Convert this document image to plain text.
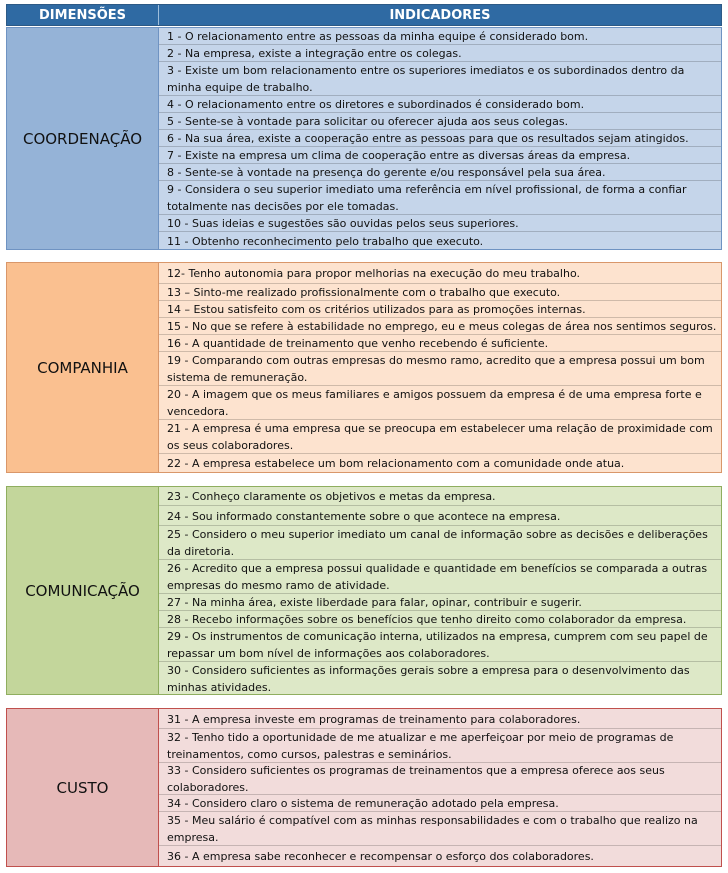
DIMENSÕES	INDICADORES
COORDENAÇÃO
1 - O relacionamento entre as pessoas da minha equipe é considerado bom.
2 - Na empresa, existe a integração entre os colegas.
3 - Existe um bom relacionamento entre os superiores imediatos e os subordinados dentro da minha equipe de trabalho.
4 - O relacionamento entre os diretores e subordinados é considerado bom.
5 - Sente-se à vontade para solicitar ou oferecer ajuda aos seus colegas.
6 - Na sua área, existe a cooperação entre as pessoas para que os resultados sejam atingidos.
7 - Existe na empresa um clima de cooperação entre as diversas áreas da empresa.
8 - Sente-se à vontade na presença do gerente e/ou responsável pela sua área.
9 - Considera o seu superior imediato uma referência em nível profissional, de forma a confiar totalmente nas decisões por ele tomadas.
10 - Suas ideias e sugestões são ouvidas pelos seus superiores.
11 - Obtenho reconhecimento pelo trabalho que executo.
COMPANHIA
12- Tenho autonomia para propor melhorias na execução do meu trabalho.
13 – Sinto-me realizado profissionalmente com o trabalho que executo.
14 – Estou satisfeito com os critérios utilizados para as promoções internas.
15 - No que se refere à estabilidade no emprego, eu e meus colegas de área nos sentimos seguros.
16 - A quantidade de treinamento que venho recebendo é suficiente.
19 - Comparando com outras empresas do mesmo ramo, acredito que a empresa possui um bom sistema de remuneração.
20 - A imagem que os meus familiares e amigos possuem da empresa é de uma empresa forte e vencedora.
21 - A empresa é uma empresa que se preocupa em estabelecer uma relação de proximidade com os seus colaboradores.
22 - A empresa estabelece um bom relacionamento com a comunidade onde atua.
COMUNICAÇÃO
23 - Conheço claramente os objetivos e metas da empresa.
24 - Sou informado constantemente sobre o que acontece na empresa.
25 - Considero o meu superior imediato um canal de informação sobre as decisões e deliberações da diretoria.
26 - Acredito que a empresa possui qualidade e quantidade em benefícios se comparada a outras empresas do mesmo ramo de atividade.
27 - Na minha área, existe liberdade para falar, opinar, contribuir e sugerir.
28 - Recebo informações sobre os benefícios que tenho direito como colaborador da empresa.
29 - Os instrumentos de comunicação interna, utilizados na empresa, cumprem com seu papel de repassar um bom nível de informações aos colaboradores.
30 - Considero suficientes as informações gerais sobre a empresa para o desenvolvimento das minhas atividades.
CUSTO
31 - A empresa investe em programas de treinamento para colaboradores.
32 - Tenho tido a oportunidade de me atualizar e me aperfeiçoar por meio de programas de treinamentos, como cursos, palestras e seminários.
33 - Considero suficientes os programas de treinamentos que a empresa oferece aos seus colaboradores.
34 - Considero claro o sistema de remuneração adotado pela empresa.
35 - Meu salário é compatível com as minhas responsabilidades e com o trabalho que realizo na empresa.
36 - A empresa sabe reconhecer e recompensar o esforço dos colaboradores.
